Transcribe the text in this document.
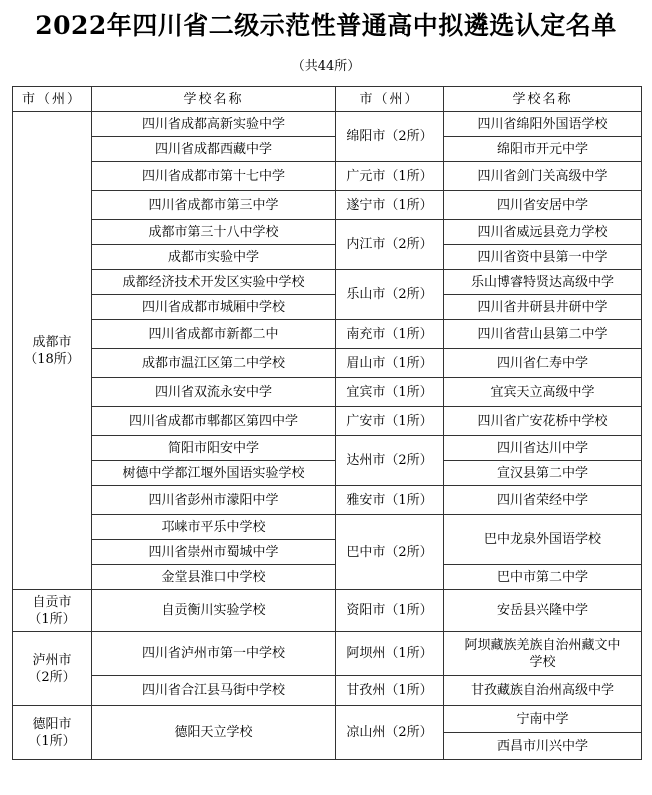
2022年四川省二级示范性普通高中拟遴选认定名单
（共44所）
市（州）	学校名称	市（州）	学校名称

成都市
（18所）	四川省成都高新实验中学	绵阳市（2所）	四川省绵阳外国语学校
	四川省成都西藏中学		绵阳市开元中学
	四川省成都市第十七中学	广元市（1所）	四川省剑门关高级中学
	四川省成都市第三中学	遂宁市（1所）	四川省安居中学
	成都市第三十八中学校	内江市（2所）	四川省威远县竞力学校
	成都市实验中学		四川省资中县第一中学
	成都经济技术开发区实验中学校	乐山市（2所）	乐山博睿特贤达高级中学
	四川省成都市城厢中学校		四川省井研县井研中学
	四川省成都市新都二中	南充市（1所）	四川省营山县第二中学
	成都市温江区第二中学校	眉山市（1所）	四川省仁寿中学
	四川省双流永安中学	宜宾市（1所）	宜宾天立高级中学
	四川省成都市郫都区第四中学	广安市（1所）	四川省广安花桥中学校
	简阳市阳安中学	达州市（2所）	四川省达川中学
	树德中学都江堰外国语实验学校		宣汉县第二中学
	四川省彭州市濛阳中学	雅安市（1所）	四川省荣经中学
	邛崃市平乐中学校	巴中市（2所）	巴中龙泉外国语学校
	四川省崇州市蜀城中学		
	金堂县淮口中学校		巴中市第二中学

自贡市
（1所）	自贡衡川实验学校	资阳市（1所）	安岳县兴隆中学

泸州市
（2所）	四川省泸州市第一中学校	阿坝州（1所）	阿坝藏族羌族自治州藏文中学校
	四川省合江县马街中学校	甘孜州（1所）	甘孜藏族自治州高级中学

德阳市
（1所）	德阳天立学校	凉山州（2所）	宁南中学
			西昌市川兴中学
